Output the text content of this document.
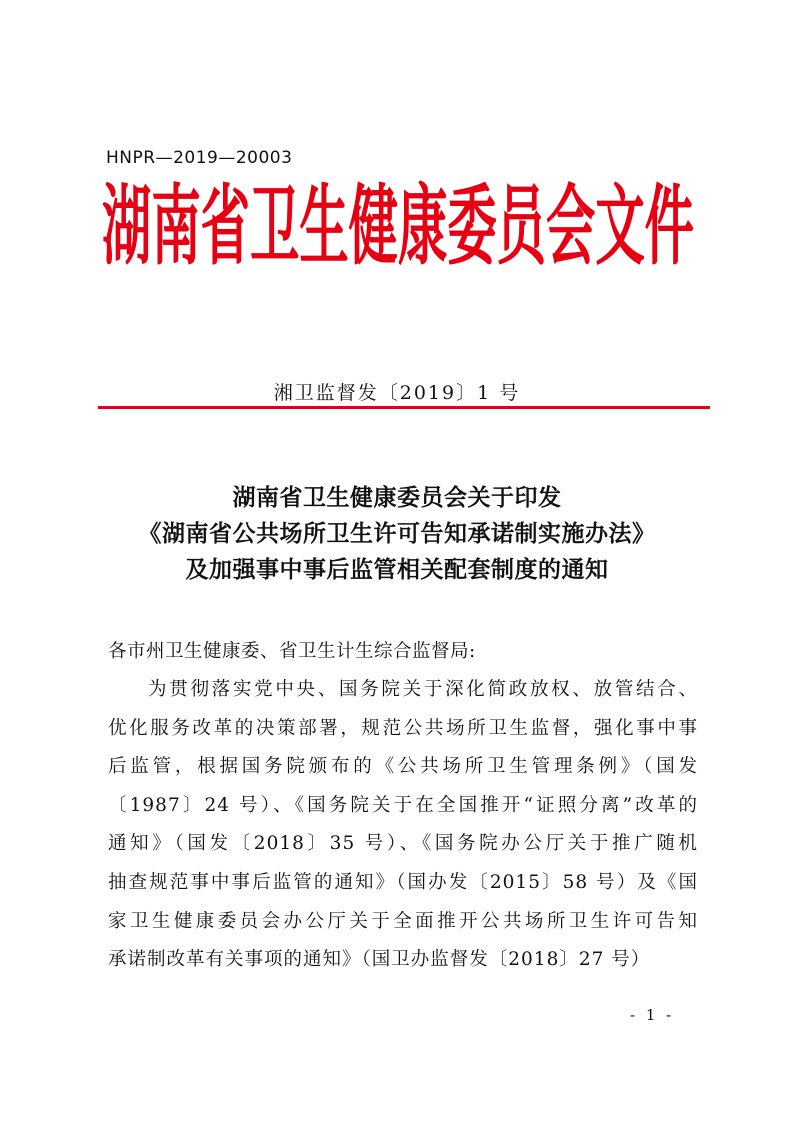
HNPR—2019—20003
湖南省卫生健康委员会文件
湘卫监督发〔2019〕1 号
湖南省卫生健康委员会关于印发
《湖南省公共场所卫生许可告知承诺制实施办法》
及加强事中事后监管相关配套制度的通知
各市州卫生健康委、省卫生计生综合监督局:
为贯彻落实党中央、国务院关于深化简政放权、放管结合、
优化服务改革的决策部署，规范公共场所卫生监督，强化事中事
后监管，根据国务院颁布的《公共场所卫生管理条例》（国发
〔1987〕24 号）、《国务院关于在全国推开“证照分离”改革的
通知》（国发〔2018〕35 号）、《国务院办公厅关于推广随机
抽查规范事中事后监管的通知》（国办发〔2015〕58 号）及《国
家卫生健康委员会办公厅关于全面推开公共场所卫生许可告知
承诺制改革有关事项的通知》（国卫办监督发〔2018〕27 号）
- 1 -
